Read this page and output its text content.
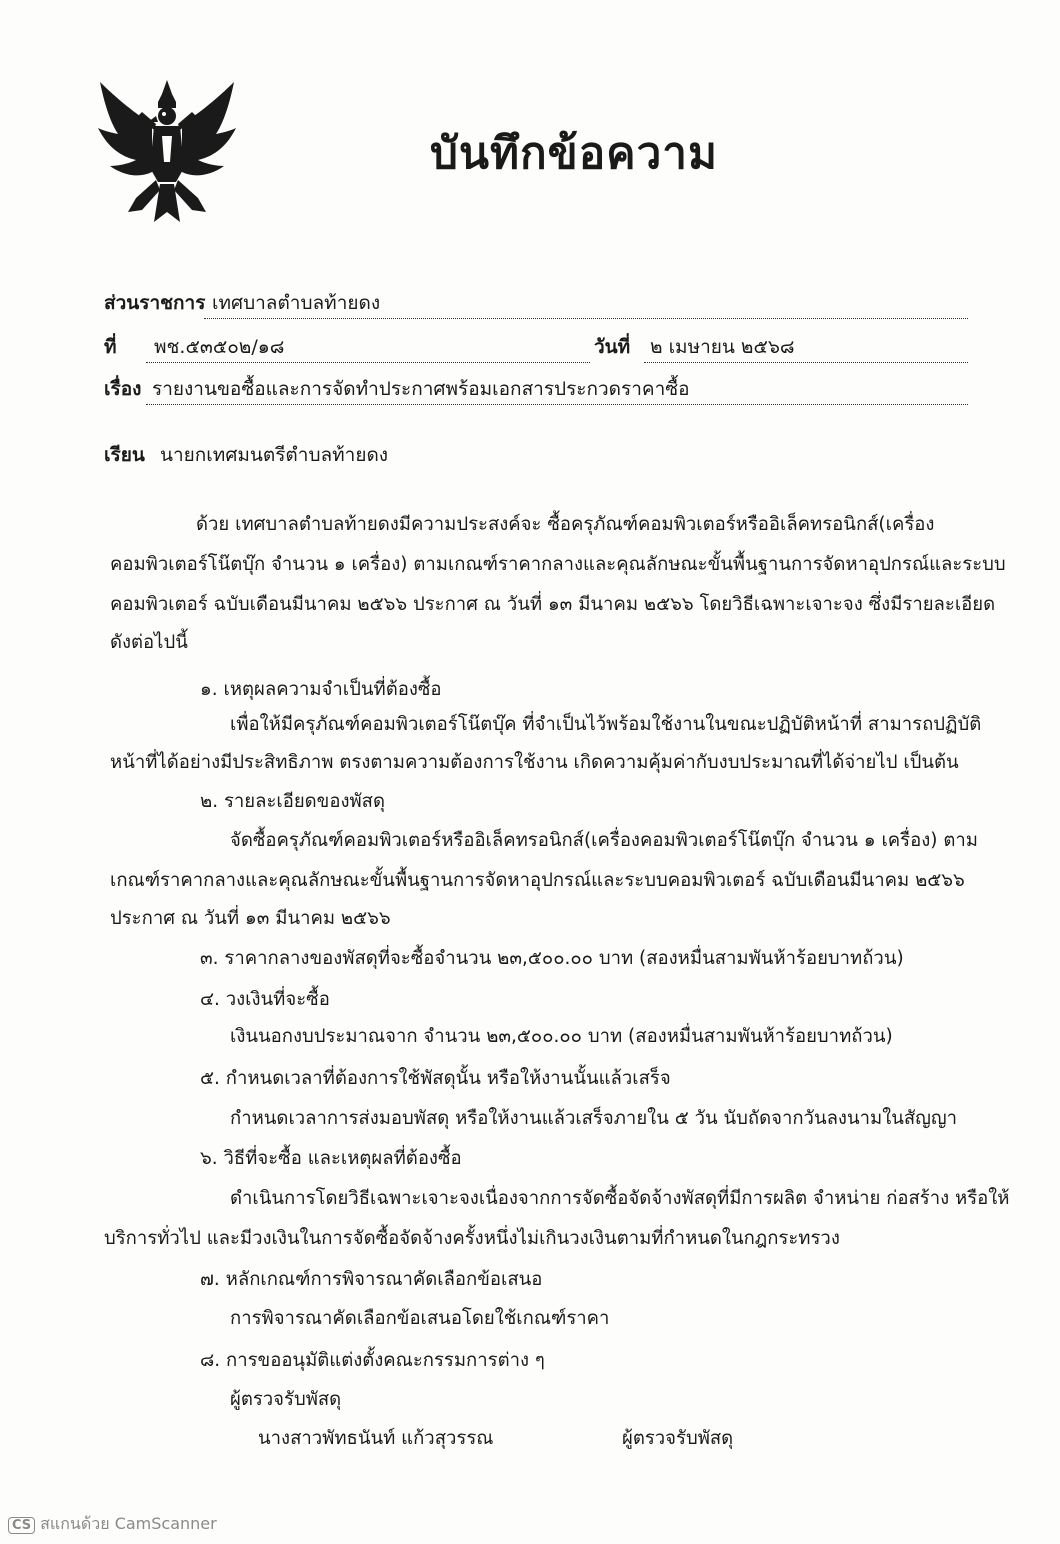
บันทึกข้อความ
ส่วนราชการ เทศบาลตำบลท้ายดง
ที่ พช.๕๓๕๐๒/๑๘	วันที่ ๒ เมษายน ๒๕๖๘
เรื่อง รายงานขอซื้อและการจัดทำประกาศพร้อมเอกสารประกวดราคาซื้อ
เรียน นายกเทศมนตรีตำบลท้ายดง
ด้วย เทศบาลตำบลท้ายดงมีความประสงค์จะ ซื้อครุภัณฑ์คอมพิวเตอร์หรืออิเล็คทรอนิกส์(เครื่อง
คอมพิวเตอร์โน๊ตบุ๊ก จำนวน ๑ เครื่อง) ตามเกณฑ์ราคากลางและคุณลักษณะขั้นพื้นฐานการจัดหาอุปกรณ์และระบบ
คอมพิวเตอร์ ฉบับเดือนมีนาคม ๒๕๖๖ ประกาศ ณ วันที่ ๑๓ มีนาคม ๒๕๖๖ โดยวิธีเฉพาะเจาะจง ซึ่งมีรายละเอียด
ดังต่อไปนี้
๑. เหตุผลความจำเป็นที่ต้องซื้อ
เพื่อให้มีครุภัณฑ์คอมพิวเตอร์โน๊ตบุ๊ค ที่จำเป็นไว้พร้อมใช้งานในขณะปฏิบัติหน้าที่ สามารถปฏิบัติ
หน้าที่ได้อย่างมีประสิทธิภาพ ตรงตามความต้องการใช้งาน เกิดความคุ้มค่ากับงบประมาณที่ได้จ่ายไป เป็นต้น
๒. รายละเอียดของพัสดุ
จัดซื้อครุภัณฑ์คอมพิวเตอร์หรืออิเล็คทรอนิกส์(เครื่องคอมพิวเตอร์โน๊ตบุ๊ก จำนวน ๑ เครื่อง) ตาม
เกณฑ์ราคากลางและคุณลักษณะขั้นพื้นฐานการจัดหาอุปกรณ์และระบบคอมพิวเตอร์ ฉบับเดือนมีนาคม ๒๕๖๖
ประกาศ ณ วันที่ ๑๓ มีนาคม ๒๕๖๖
๓. ราคากลางของพัสดุที่จะซื้อจำนวน ๒๓,๕๐๐.๐๐ บาท (สองหมื่นสามพันห้าร้อยบาทถ้วน)
๔. วงเงินที่จะซื้อ
เงินนอกงบประมาณจาก จำนวน ๒๓,๕๐๐.๐๐ บาท (สองหมื่นสามพันห้าร้อยบาทถ้วน)
๕. กำหนดเวลาที่ต้องการใช้พัสดุนั้น หรือให้งานนั้นแล้วเสร็จ
กำหนดเวลาการส่งมอบพัสดุ หรือให้งานแล้วเสร็จภายใน ๕ วัน นับถัดจากวันลงนามในสัญญา
๖. วิธีที่จะซื้อ และเหตุผลที่ต้องซื้อ
ดำเนินการโดยวิธีเฉพาะเจาะจงเนื่องจากการจัดซื้อจัดจ้างพัสดุที่มีการผลิต จำหน่าย ก่อสร้าง หรือให้
บริการทั่วไป และมีวงเงินในการจัดซื้อจัดจ้างครั้งหนึ่งไม่เกินวงเงินตามที่กำหนดในกฎกระทรวง
๗. หลักเกณฑ์การพิจารณาคัดเลือกข้อเสนอ
การพิจารณาคัดเลือกข้อเสนอโดยใช้เกณฑ์ราคา
๘. การขออนุมัติแต่งตั้งคณะกรรมการต่าง ๆ
ผู้ตรวจรับพัสดุ
นางสาวพัทธนันท์ แก้วสุวรรณ	ผู้ตรวจรับพัสดุ
CS สแกนด้วย CamScanner
